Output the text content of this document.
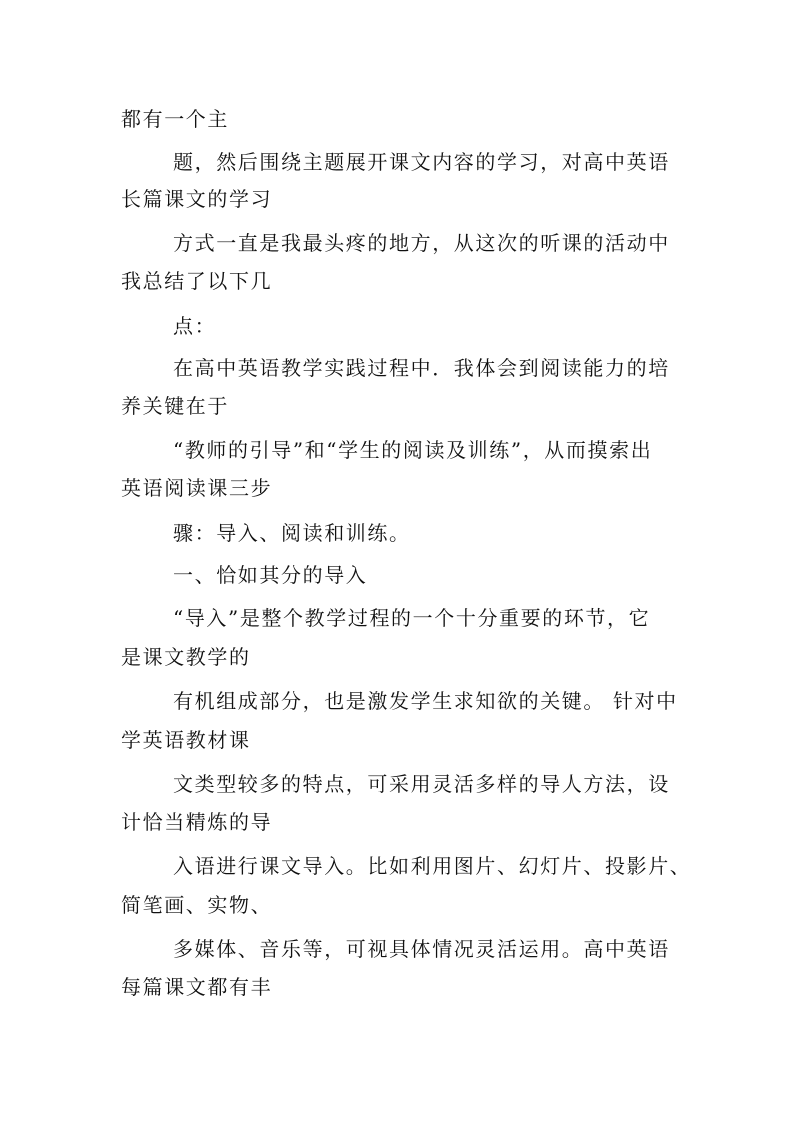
都有一个主
题，然后围绕主题展开课文内容的学习，对高中英语
长篇课文的学习
方式一直是我最头疼的地方，从这次的听课的活动中
我总结了以下几
点：
在高中英语教学实践过程中．我体会到阅读能力的培
养关键在于
“教师的引导”和“学生的阅读及训练”，从而摸索出
英语阅读课三步
骤：导入、阅读和训练。
一、恰如其分的导入
“导入”是整个教学过程的一个十分重要的环节，它
是课文教学的
有机组成部分，也是激发学生求知欲的关键。 针对中
学英语教材课
文类型较多的特点，可采用灵活多样的导人方法，设
计恰当精炼的导
入语进行课文导入。比如利用图片、幻灯片、投影片、
简笔画、实物、
多媒体、音乐等，可视具体情况灵活运用。高中英语
每篇课文都有丰
